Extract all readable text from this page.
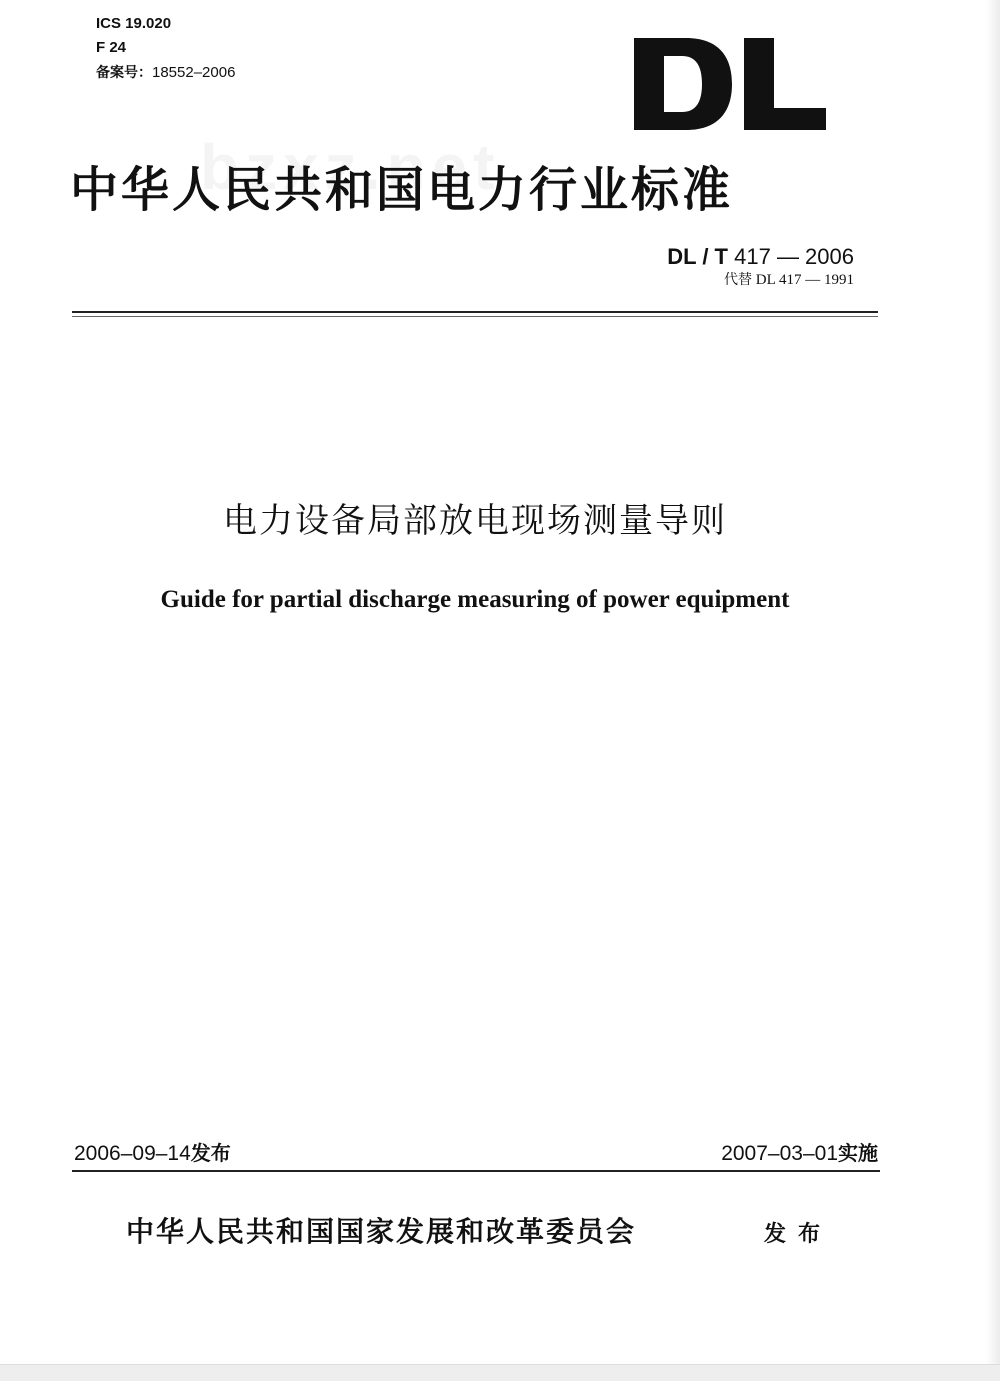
ICS 19.020
F 24
备案号：18552–2006
中华人民共和国电力行业标准
DL / T 417 — 2006
代替 DL 417 — 1991
电力设备局部放电现场测量导则
Guide for partial discharge measuring of power equipment
2006–09–14发布	2007–03–01实施
中华人民共和国国家发展和改革委员会	发布
